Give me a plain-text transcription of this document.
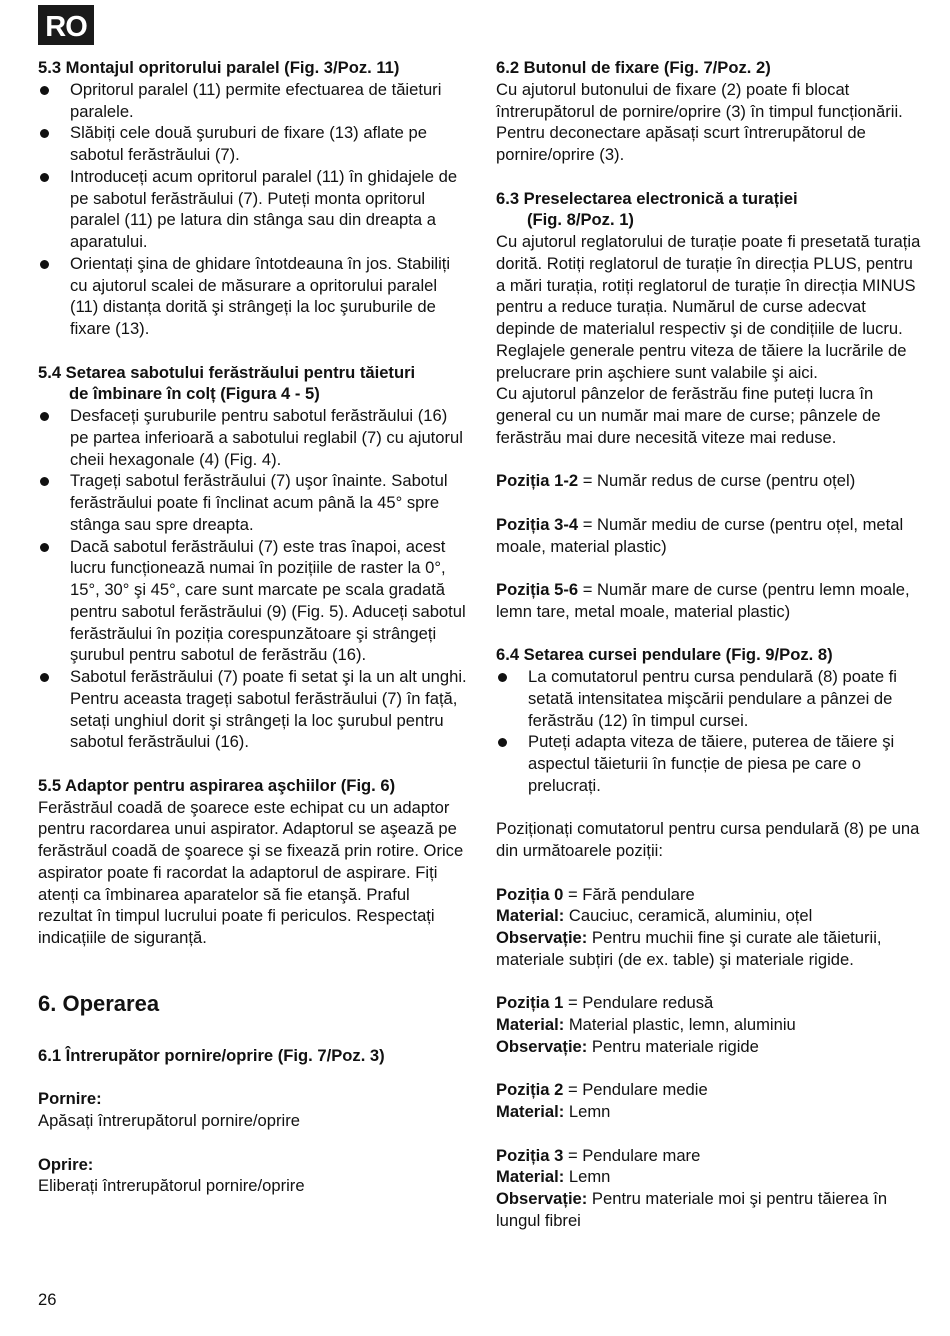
RO
5.3 Montajul opritorului paralel (Fig. 3/Poz. 11)
Opritorul paralel (11) permite efectuarea de tăieturi paralele.
Slăbiți cele două şuruburi de fixare (13) aflate pe sabotul ferăstrăului (7).
Introduceți acum opritorul paralel (11) în ghidajele de pe sabotul ferăstrăului (7). Puteți monta opritorul paralel (11) pe latura din stânga sau din dreapta a aparatului.
Orientați şina de ghidare întotdeauna în jos. Stabiliți cu ajutorul scalei de măsurare a opritorului paralel (11) distanța dorită şi strângeți la loc şuruburile de fixare (13).
5.4 Setarea sabotului ferăstrăului pentru tăieturi
de îmbinare în colț (Figura 4 - 5)
Desfaceți şuruburile pentru sabotul ferăstrăului (16) pe partea inferioară a sabotului reglabil (7) cu ajutorul cheii hexagonale (4) (Fig. 4).
Trageți sabotul ferăstrăului (7) uşor înainte. Sabotul ferăstrăului poate fi înclinat acum până la 45° spre stânga sau spre dreapta.
Dacă sabotul ferăstrăului (7) este tras înapoi, acest lucru funcționează numai în pozițiile de raster la 0°, 15°, 30° şi 45°, care sunt marcate pe scala gradată pentru sabotul ferăstrăului (9) (Fig. 5). Aduceți sabotul ferăstrăului în poziția corespunzătoare şi strângeți şurubul pentru sabotul de ferăstrău (16).
Sabotul ferăstrăului (7) poate fi setat şi la un alt unghi. Pentru aceasta trageți sabotul ferăstrăului (7) în față, setați unghiul dorit şi strângeți la loc şurubul pentru sabotul ferăstrăului (16).
5.5 Adaptor pentru aspirarea aşchiilor (Fig. 6)

Ferăstrăul coadă de şoarece este echipat cu un adaptor pentru racordarea unui aspirator. Adaptorul se aşează pe ferăstrăul coadă de şoarece şi se fixează prin rotire. Orice aspirator poate fi racordat la adaptorul de aspirare. Fiți atenți ca îmbinarea aparatelor să fie etanşă. Praful rezultat în timpul lucrului poate fi periculos. Respectați indicațiile de siguranță.

6. Operarea
6.1 Întrerupător pornire/oprire (Fig. 7/Poz. 3)
Pornire:

Apăsați întrerupătorul pornire/oprire

Oprire:

Eliberați întrerupătorul pornire/oprire

6.2 Butonul de fixare (Fig. 7/Poz. 2)

Cu ajutorul butonului de fixare (2) poate fi blocat întrerupătorul de pornire/oprire (3) în timpul funcționării. Pentru deconectare apăsați scurt întrerupătorul de pornire/oprire (3).

6.3 Preselectarea electronică a turației
(Fig. 8/Poz. 1)

Cu ajutorul reglatorului de turație poate fi presetată turația dorită. Rotiți reglatorul de turație în direcția PLUS, pentru a mări turația, rotiți reglatorul de turație în direcția MINUS pentru a reduce turația. Numărul de curse adecvat depinde de materialul respectiv şi de condițiile de lucru.

Reglajele generale pentru viteza de tăiere la lucrările de prelucrare prin aşchiere sunt valabile şi aici.

Cu ajutorul pânzelor de ferăstrău fine puteți lucra în general cu un număr mai mare de curse; pânzele de ferăstrău mai dure necesită viteze mai reduse.

Poziția 1-2 = Număr redus de curse (pentru oțel)

Poziția 3-4 = Număr mediu de curse (pentru oțel, metal moale, material plastic)

Poziția 5-6 = Număr mare de curse (pentru lemn moale, lemn tare, metal moale, material plastic)

6.4 Setarea cursei pendulare (Fig. 9/Poz. 8)
La comutatorul pentru cursa pendulară (8) poate fi setată intensitatea mişcării pendulare a pânzei de ferăstrău (12) în timpul cursei.
Puteți adapta viteza de tăiere, puterea de tăiere şi aspectul tăieturii în funcție de piesa pe care o prelucrați.

Poziționați comutatorul pentru cursa pendulară (8) pe una din următoarele poziții:

Poziția 0 = Fără pendulare

Material: Cauciuc, ceramică, aluminiu, oțel

Observație: Pentru muchii fine şi curate ale tăieturii, materiale subțiri (de ex. table) şi materiale rigide.

Poziția 1 = Pendulare redusă

Material: Material plastic, lemn, aluminiu

Observație: Pentru materiale rigide

Poziția 2 = Pendulare medie

Material: Lemn

Poziția 3 = Pendulare mare

Material: Lemn

Observație: Pentru materiale moi şi pentru tăierea în lungul fibrei

26
